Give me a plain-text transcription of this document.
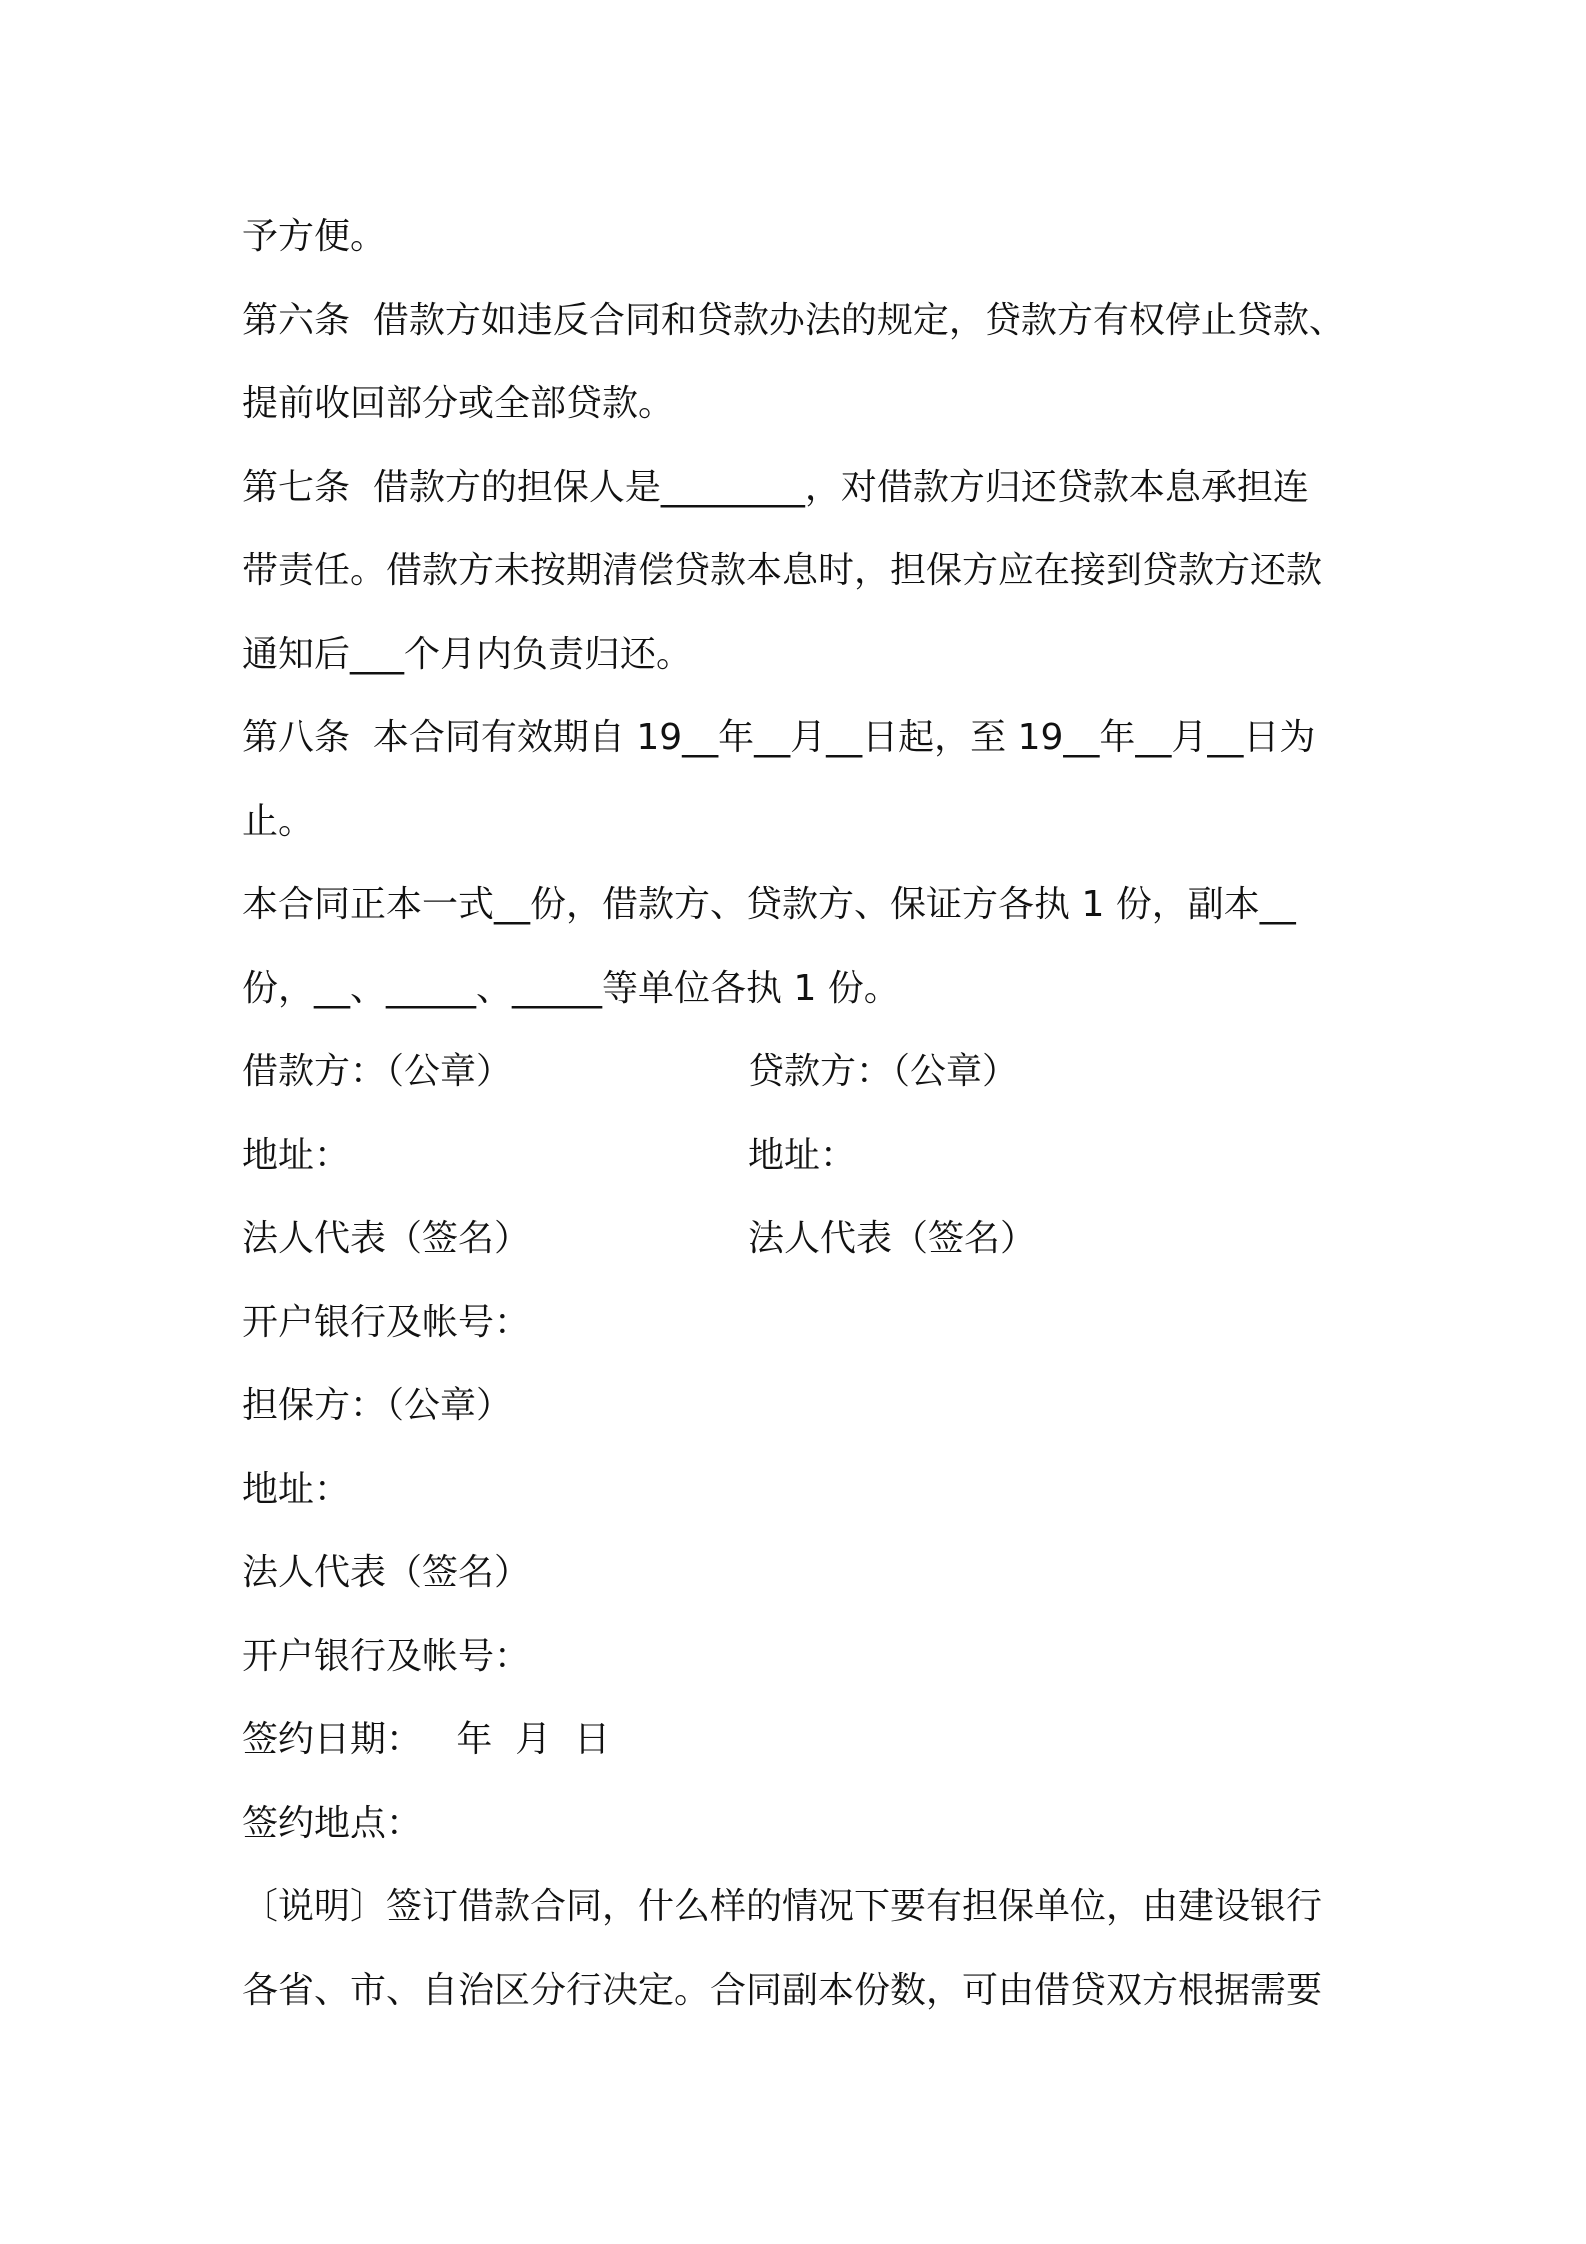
予方便。

第六条  借款方如违反合同和贷款办法的规定，贷款方有权停止贷款、

提前收回部分或全部贷款。

第七条  借款方的担保人是________，对借款方归还贷款本息承担连

带责任。借款方未按期清偿贷款本息时，担保方应在接到贷款方还款

通知后___个月内负责归还。

第八条  本合同有效期自 19__年__月__日起，至 19__年__月__日为

止。

本合同正本一式__份，借款方、贷款方、保证方各执 1 份，副本__

份，__、_____、_____等单位各执 1 份。

借款方：（公章）	贷款方：（公章）
地址：	地址：
法人代表（签名）	法人代表（签名）

开户银行及帐号：

担保方：（公章）

地址：

法人代表（签名）

开户银行及帐号：

签约日期：   年  月  日

签约地点：

〔说明〕签订借款合同，什么样的情况下要有担保单位，由建设银行

各省、市、自治区分行决定。合同副本份数，可由借贷双方根据需要
